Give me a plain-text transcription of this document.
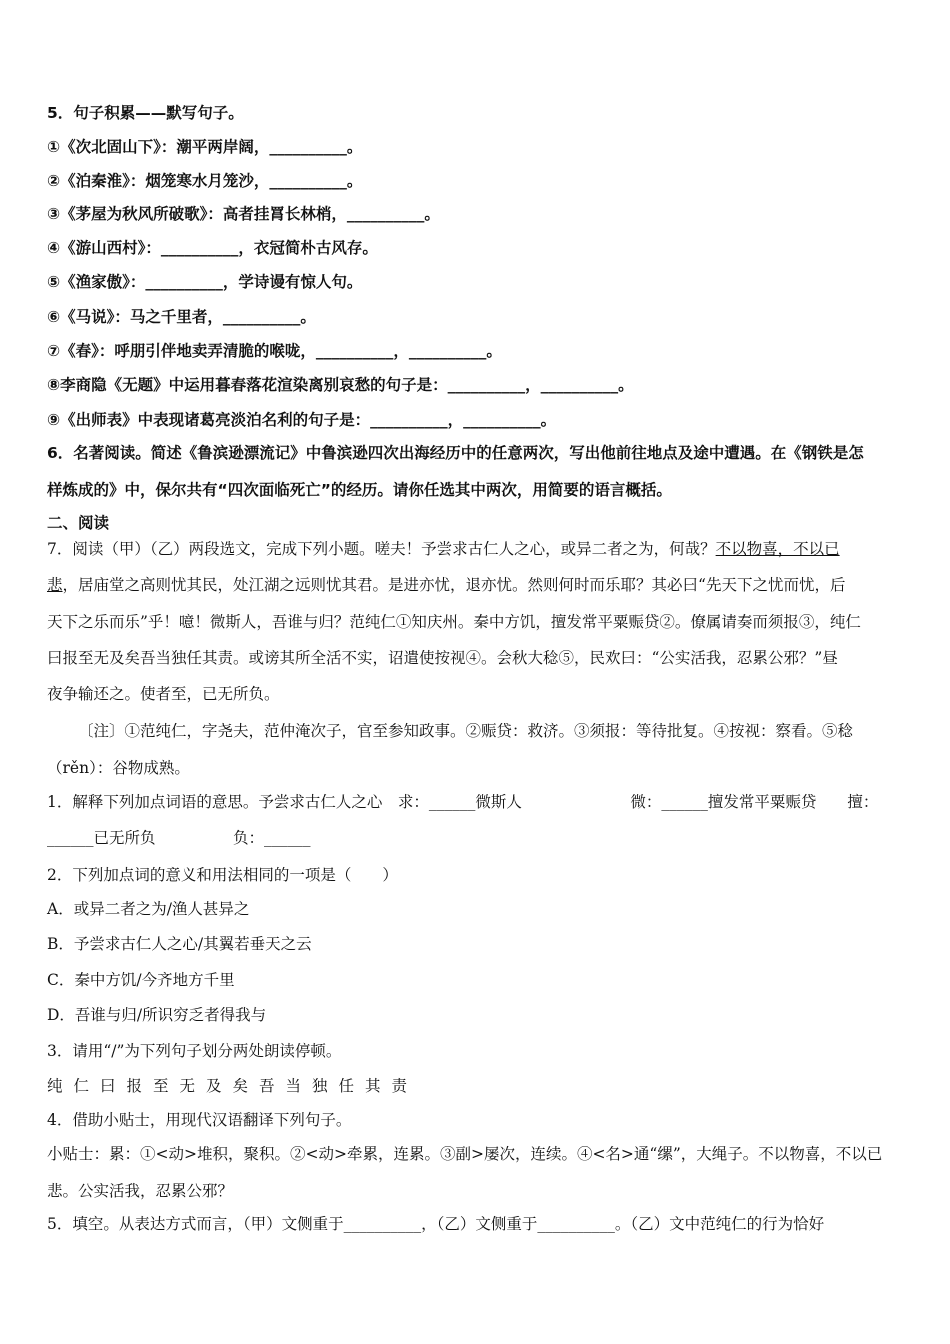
5．句子积累——默写句子。
①《次北固山下》：潮平两岸阔，__________。
②《泊秦淮》：烟笼寒水月笼沙，__________。
③《茅屋为秋风所破歌》：高者挂罥长林梢，__________。
④《游山西村》：__________，衣冠简朴古风存。
⑤《渔家傲》：__________，学诗谩有惊人句。
⑥《马说》：马之千里者，__________。
⑦《春》：呼朋引伴地卖弄清脆的喉咙，__________，__________。
⑧李商隐《无题》中运用暮春落花渲染离别哀愁的句子是：__________，__________。
⑨《出师表》中表现诸葛亮淡泊名利的句子是：__________，__________。
6．名著阅读。简述《鲁滨逊漂流记》中鲁滨逊四次出海经历中的任意两次，写出他前往地点及途中遭遇。在《钢铁是怎
样炼成的》中，保尔共有“四次面临死亡”的经历。请你任选其中两次，用简要的语言概括。
二、阅读
7．阅读（甲）（乙）两段选文，完成下列小题。嗟夫！予尝求古仁人之心，或异二者之为，何哉？不以物喜，不以已
悲，居庙堂之高则忧其民，处江湖之远则忧其君。是进亦忧，退亦忧。然则何时而乐耶？其必曰“先天下之忧而忧，后
天下之乐而乐”乎！噫！微斯人，吾谁与归？范纯仁①知庆州。秦中方饥，擅发常平粟赈贷②。僚属请奏而须报③，纯仁
曰报至无及矣吾当独任其责。或谤其所全活不实，诏遣使按视④。会秋大稔⑤，民欢曰：“公实活我，忍累公邪？”昼
夜争输还之。使者至，已无所负。
〔注〕①范纯仁，字尧夫，范仲淹次子，官至参知政事。②赈贷：救济。③须报：等待批复。④按视：察看。⑤稔
（rěn）：谷物成熟。
1．解释下列加点词语的意思。予尝求古仁人之心　求：______微斯人　　　　　　　微：______擅发常平粟赈贷　　擅：
______已无所负　　　　　负：______
2．下列加点词的意义和用法相同的一项是（　　）
A．或异二者之为/渔人甚异之
B．予尝求古仁人之心/其翼若垂天之云
C．秦中方饥/今齐地方千里
D．吾谁与归/所识穷乏者得我与
3．请用“/”为下列句子划分两处朗读停顿。
纯仁曰报至无及矣吾当独任其责
4．借助小贴士，用现代汉语翻译下列句子。
小贴士：累：①<动>堆积，聚积。②<动>牵累，连累。③副>屡次，连续。④<名>通“缧”，大绳子。不以物喜，不以已
悲。公实活我，忍累公邪？
5．填空。从表达方式而言，（甲）文侧重于__________，（乙）文侧重于__________。（乙）文中范纯仁的行为恰好
